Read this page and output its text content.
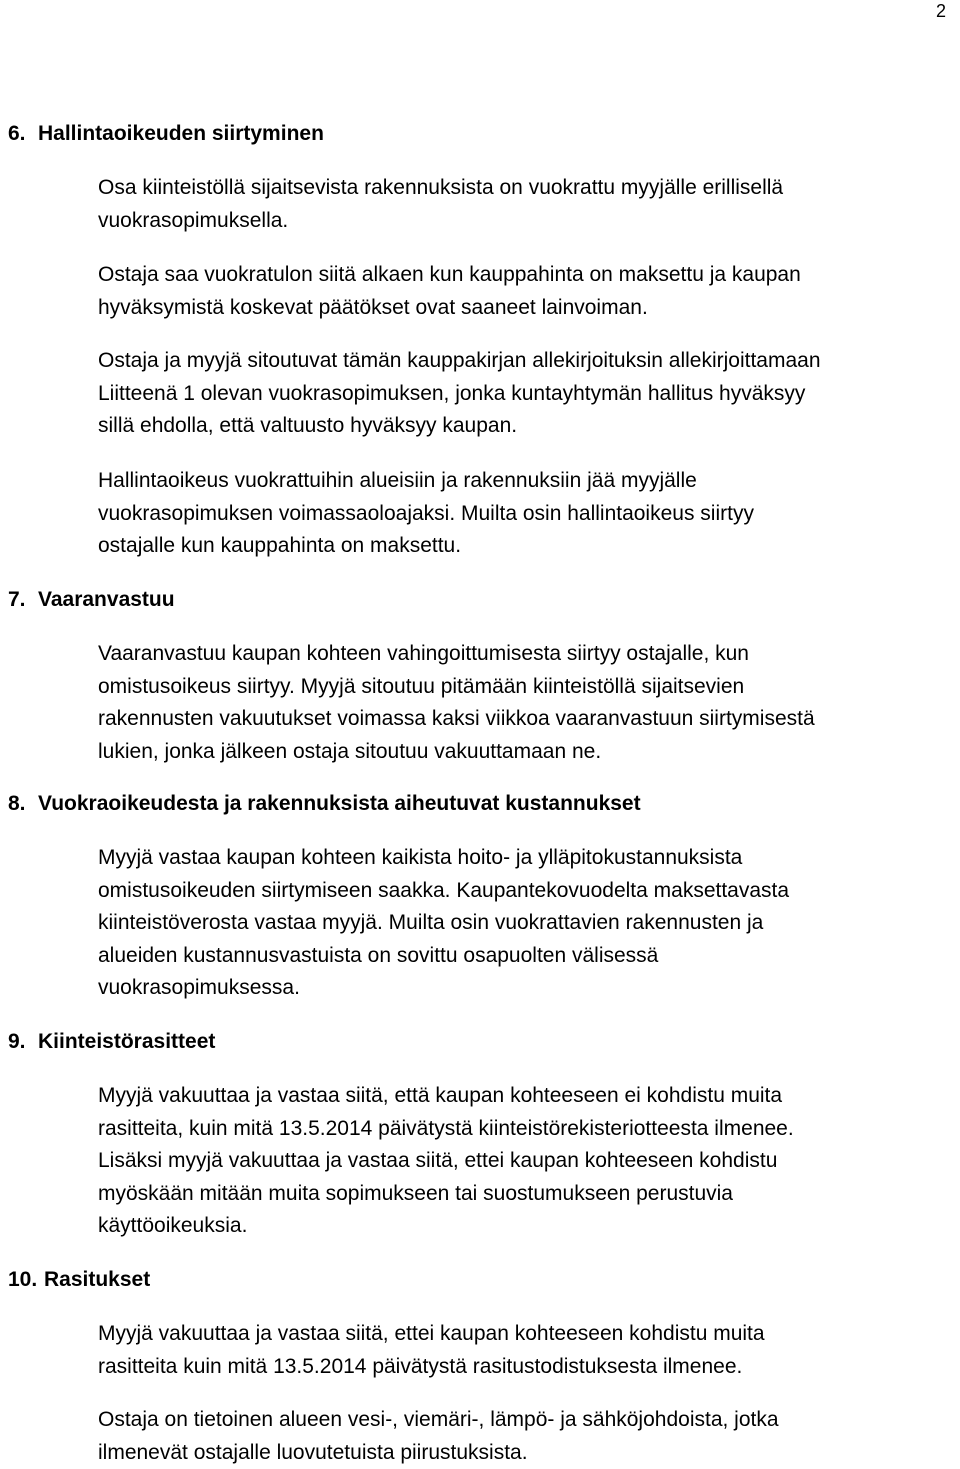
2
6. Hallintaoikeuden siirtyminen
Osa kiinteistöllä sijaitsevista rakennuksista on vuokrattu myyjälle erillisellä
vuokrasopimuksella.
Ostaja saa vuokratulon siitä alkaen kun kauppahinta on maksettu ja kaupan
hyväksymistä koskevat päätökset ovat saaneet lainvoiman.
Ostaja ja myyjä sitoutuvat tämän kauppakirjan allekirjoituksin allekirjoittamaan
Liitteenä 1 olevan vuokrasopimuksen, jonka kuntayhtymän hallitus hyväksyy
sillä ehdolla, että valtuusto hyväksyy kaupan.
Hallintaoikeus vuokrattuihin alueisiin ja rakennuksiin jää myyjälle
vuokrasopimuksen voimassaoloajaksi. Muilta osin hallintaoikeus siirtyy
ostajalle kun kauppahinta on maksettu.
7. Vaaranvastuu
Vaaranvastuu kaupan kohteen vahingoittumisesta siirtyy ostajalle, kun
omistusoikeus siirtyy. Myyjä sitoutuu pitämään kiinteistöllä sijaitsevien
rakennusten vakuutukset voimassa kaksi viikkoa vaaranvastuun siirtymisestä
lukien, jonka jälkeen ostaja sitoutuu vakuuttamaan ne.
8. Vuokraoikeudesta ja rakennuksista aiheutuvat kustannukset
Myyjä vastaa kaupan kohteen kaikista hoito- ja ylläpitokustannuksista
omistusoikeuden siirtymiseen saakka. Kaupantekovuodelta maksettavasta
kiinteistöverosta vastaa myyjä. Muilta osin vuokrattavien rakennusten ja
alueiden kustannusvastuista on sovittu osapuolten välisessä
vuokrasopimuksessa.
9. Kiinteistörasitteet
Myyjä vakuuttaa ja vastaa siitä, että kaupan kohteeseen ei kohdistu muita
rasitteita, kuin mitä 13.5.2014 päivätystä kiinteistörekisteriotteesta ilmenee.
Lisäksi myyjä vakuuttaa ja vastaa siitä, ettei kaupan kohteeseen kohdistu
myöskään mitään muita sopimukseen tai suostumukseen perustuvia
käyttöoikeuksia.
10. Rasitukset
Myyjä vakuuttaa ja vastaa siitä, ettei kaupan kohteeseen kohdistu muita
rasitteita kuin mitä 13.5.2014 päivätystä rasitustodistuksesta ilmenee.
Ostaja on tietoinen alueen vesi-, viemäri-, lämpö- ja sähköjohdoista, jotka
ilmenevät ostajalle luovutetuista piirustuksista.
